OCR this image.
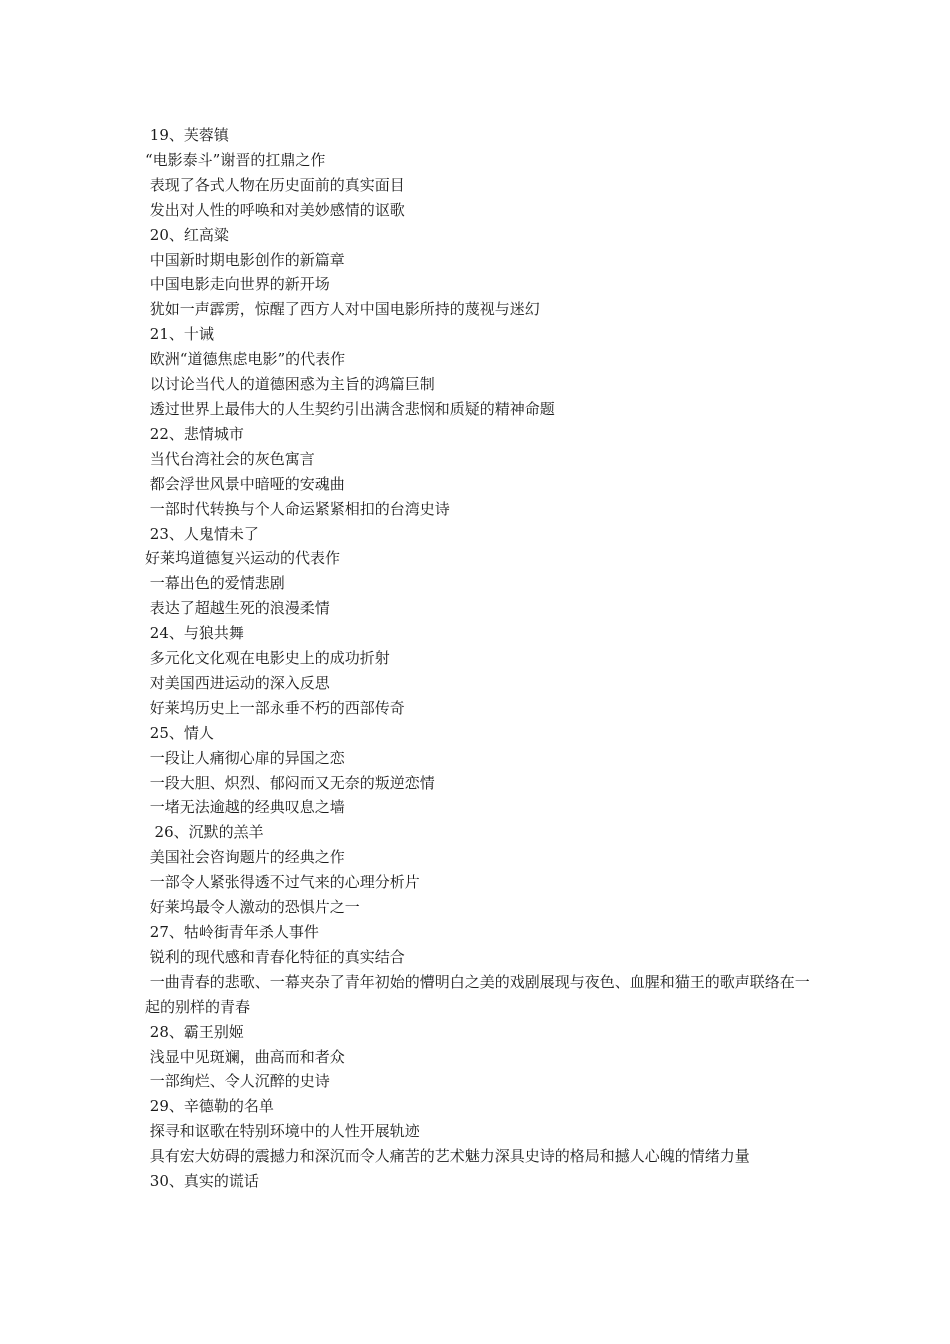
19、芙蓉镇

“电影泰斗”谢晋的扛鼎之作

表现了各式人物在历史面前的真实面目

发出对人性的呼唤和对美妙感情的讴歌

20、红高粱

中国新时期电影创作的新篇章

中国电影走向世界的新开场

犹如一声霹雳，惊醒了西方人对中国电影所持的蔑视与迷幻

21、十诫

欧洲“道德焦虑电影”的代表作

以讨论当代人的道德困惑为主旨的鸿篇巨制

透过世界上最伟大的人生契约引出满含悲悯和质疑的精神命题

22、悲情城市

当代台湾社会的灰色寓言

都会浮世风景中暗哑的安魂曲

一部时代转换与个人命运紧紧相扣的台湾史诗

23、人鬼情未了

好莱坞道德复兴运动的代表作

一幕出色的爱情悲剧

表达了超越生死的浪漫柔情

24、与狼共舞

多元化文化观在电影史上的成功折射

对美国西进运动的深入反思

好莱坞历史上一部永垂不朽的西部传奇

25、情人

一段让人痛彻心扉的异国之恋

一段大胆、炽烈、郁闷而又无奈的叛逆恋情

一堵无法逾越的经典叹息之墙

26、沉默的羔羊

美国社会咨询题片的经典之作

一部令人紧张得透不过气来的心理分析片

好莱坞最令人激动的恐惧片之一

27、牯岭街青年杀人事件

锐利的现代感和青春化特征的真实结合

一曲青春的悲歌、一幕夹杂了青年初始的懵明白之美的戏剧展现与夜色、血腥和猫王的歌声联络在一起的别样的青春

28、霸王别姬

浅显中见斑斓，曲高而和者众

一部绚烂、令人沉醉的史诗

29、辛德勒的名单

探寻和讴歌在特别环境中的人性开展轨迹

具有宏大妨碍的震撼力和深沉而令人痛苦的艺术魅力深具史诗的格局和撼人心魄的情绪力量

30、真实的谎话
